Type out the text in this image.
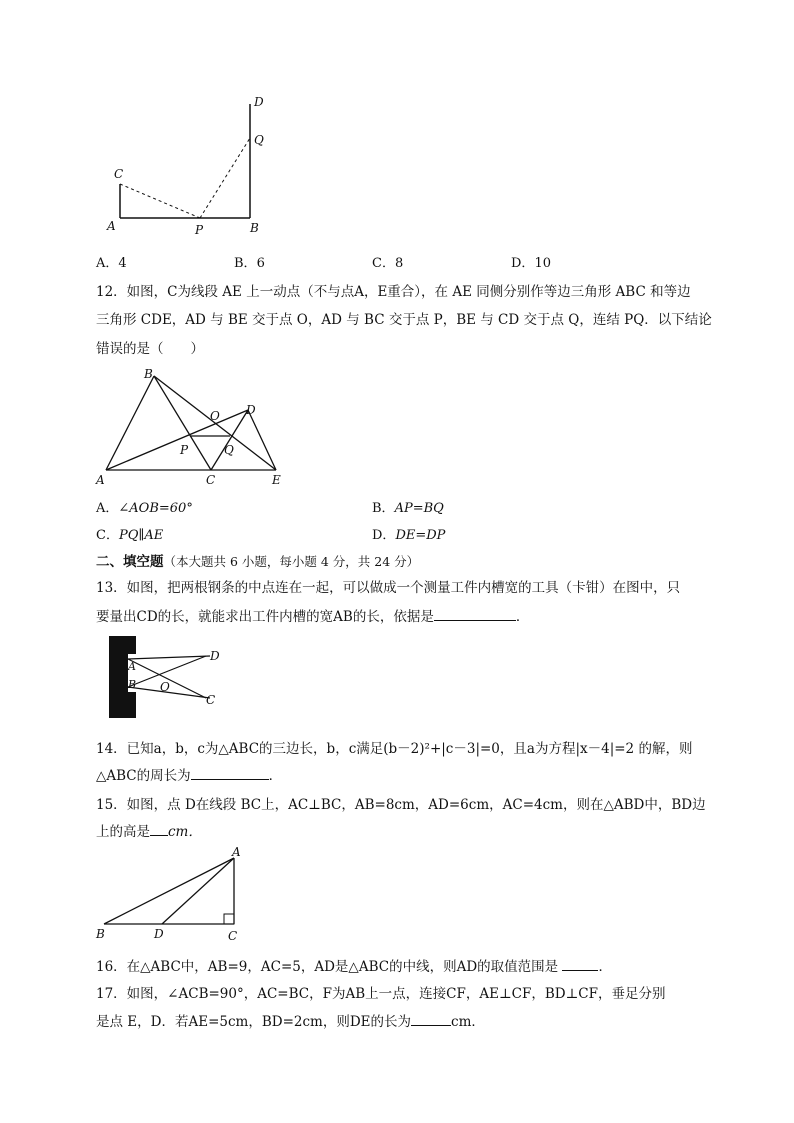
D
Q
C
A	P	B
A．4	B．6	C．8	D．10
12．如图，C为线段 AE 上一动点（不与点A，E重合），在 AE 同侧分别作等边三角形 ABC 和等边
三角形 CDE，AD 与 BE 交于点 O，AD 与 BC 交于点 P，BE 与 CD 交于点 Q，连结 PQ．以下结论
错误的是（　　）
B
O D
P	Q
A	C	E
A．∠AOB=60°	B．AP=BQ
C．PQ∥AE	D．DE=DP
二、填空题（本大题共 6 小题，每小题 4 分，共 24 分）
13．如图，把两根钢条的中点连在一起，可以做成一个测量工件内槽宽的工具（卡钳）在图中，只
要量出CD的长，就能求出工件内槽的宽AB的长，依据是	．
A
B O
D
C
14．已知a，b，c为△ABC的三边长，b，c满足(b－2)²+|c－3|=0，且a为方程|x－4|=2 的解，则
△ABC的周长为	．
15．如图，点 D在线段 BC上，AC⊥BC，AB=8cm，AD=6cm，AC=4cm，则在△ABD中，BD边
上的高是 cm．
A
B	D	C
16．在△ABC中，AB=9，AC=5，AD是△ABC的中线，则AD的取值范围是	．
17．如图，∠ACB=90°，AC=BC，F为AB上一点，连接CF，AE⊥CF，BD⊥CF，垂足分别
是点 E，D．若AE=5cm，BD=2cm，则DE的长为	cm．
